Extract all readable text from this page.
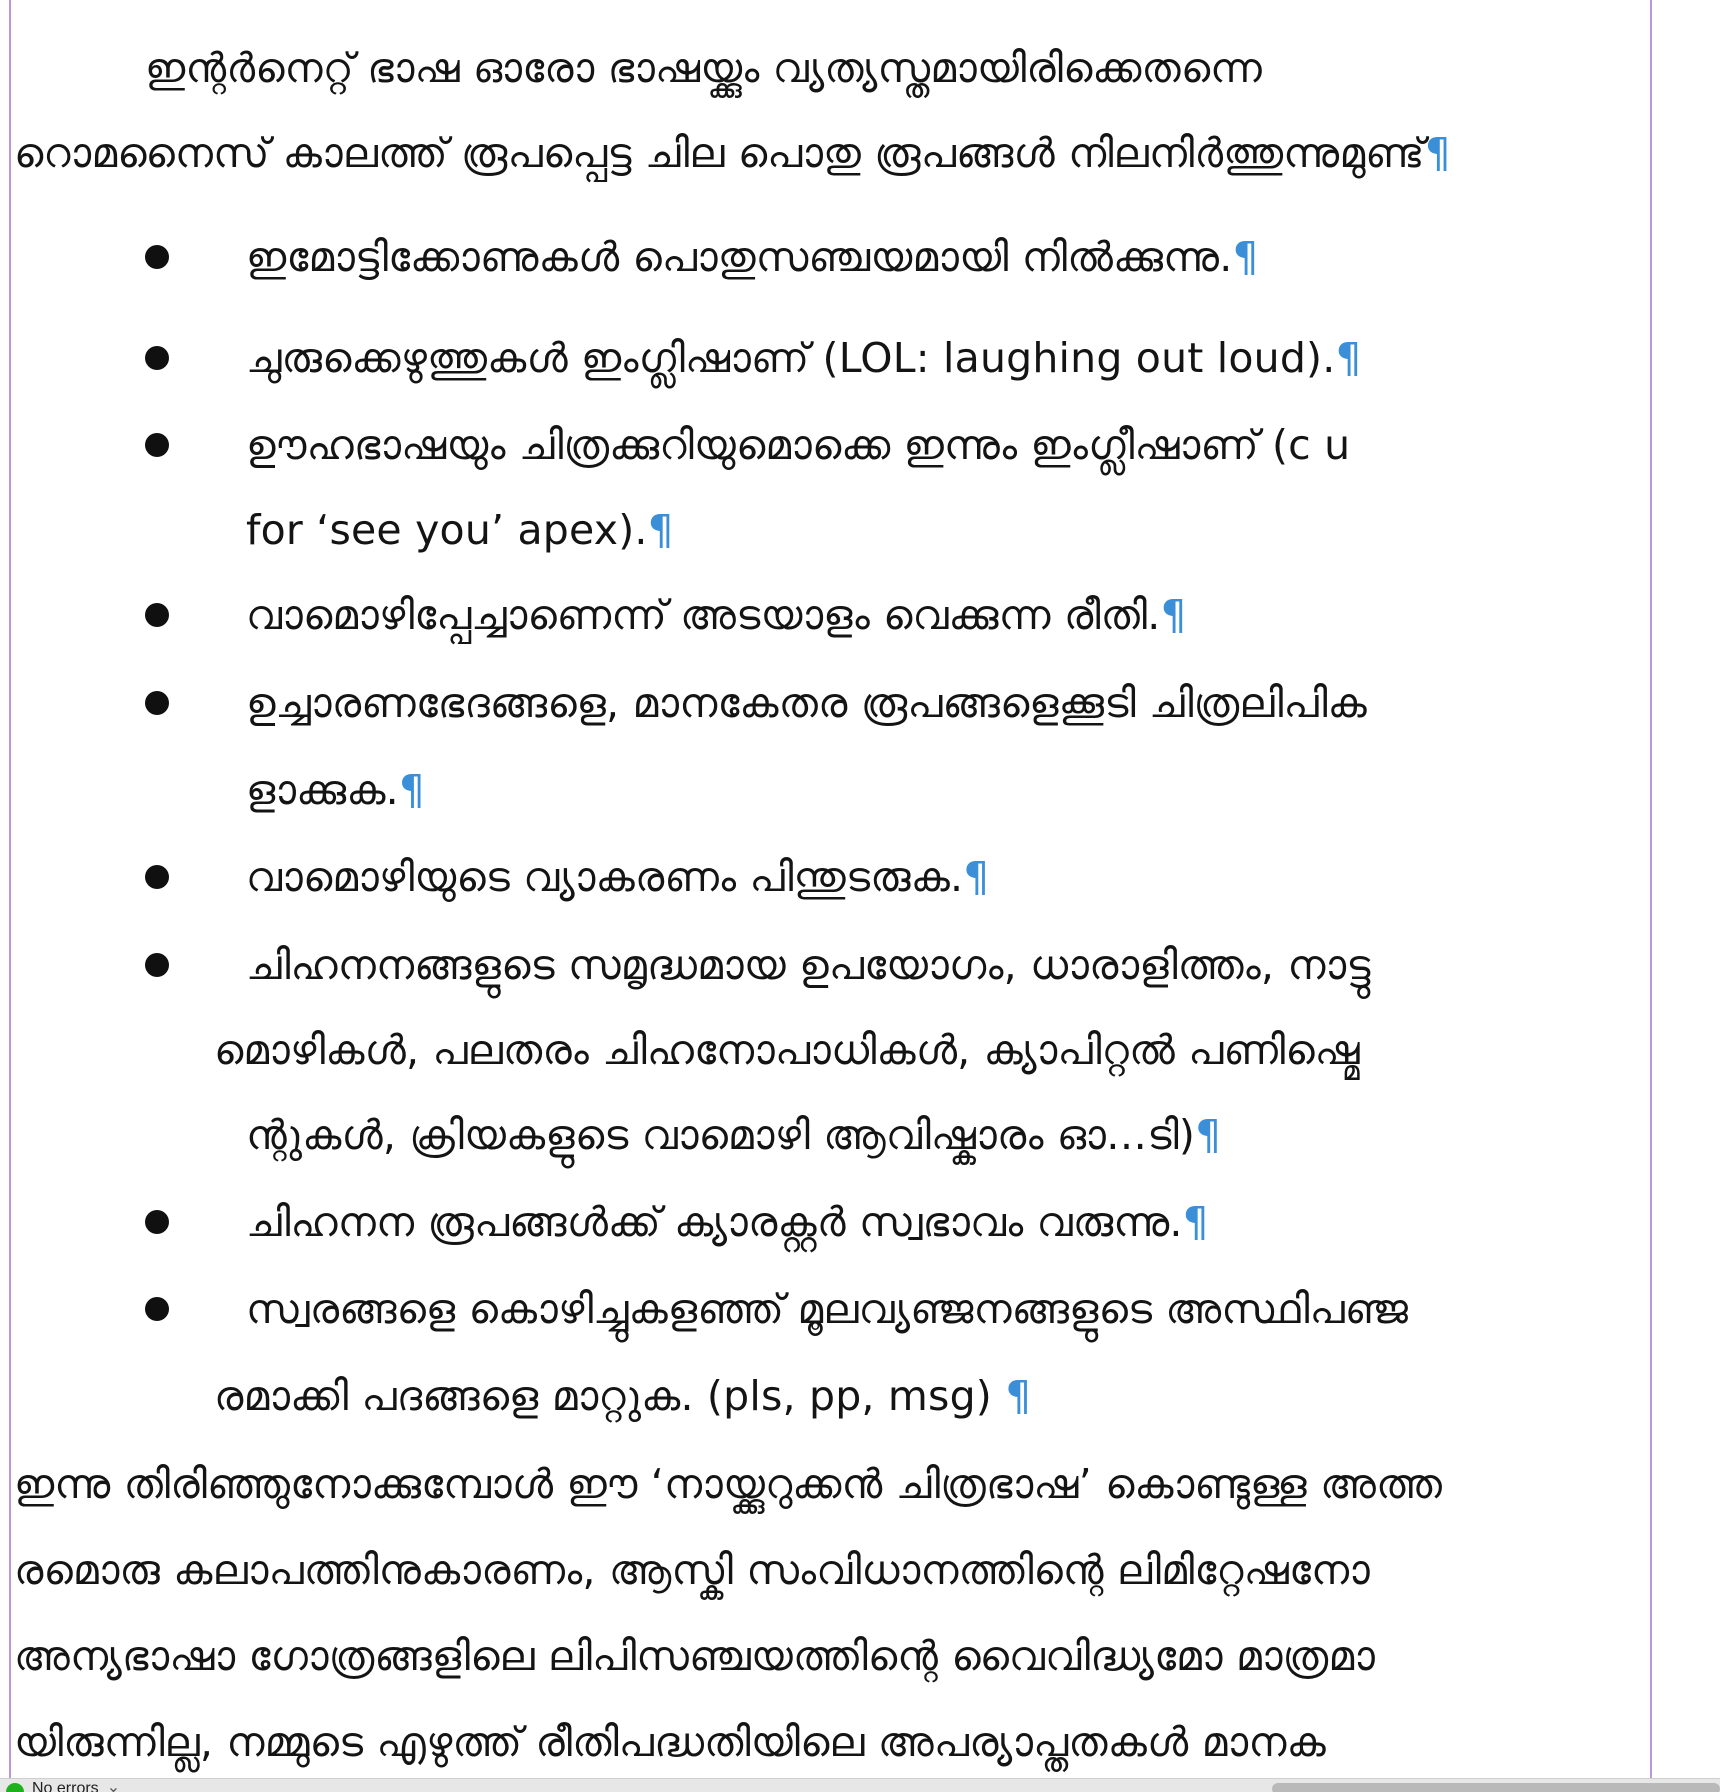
ഇന്റർനെറ്റ് ഭാഷ ഓരോ ഭാഷയ്ക്കും വ്യത്യസ്തമായിരിക്കെതന്നെ
റൊമനൈസ് കാലത്ത് രൂപപ്പെട്ട ചില പൊതു രൂപങ്ങൾ നിലനിർത്തുന്നുമുണ്ട്¶
ഇമോട്ടിക്കോണുകൾ പൊതുസഞ്ചയമായി നിൽക്കുന്നു.¶
ചുരുക്കെഴുത്തുകൾ ഇംഗ്ലിഷാണ് (LOL: laughing out loud).¶
ഊഹഭാഷയും ചിത്രക്കുറിയുമൊക്കെ ഇന്നും ഇംഗ്ലീഷാണ് (c u
for ‘see you’ apex).¶
വാമൊഴിപ്പേച്ചാണെന്ന് അടയാളം വെക്കുന്ന രീതി.¶
ഉച്ചാരണഭേദങ്ങളെ, മാനകേതര രൂപങ്ങളെക്കൂടി ചിത്രലിപിക
ളാക്കുക.¶
വാമൊഴിയുടെ വ്യാകരണം പിന്തുടരുക.¶
ചിഹനനങ്ങളുടെ സമൃദ്ധമായ ഉപയോഗം, ധാരാളിത്തം, നാട്ടു
മൊഴികൾ, പലതരം ചിഹനോപാധികൾ, ക്യാപിറ്റൽ പണിഷ്മെ
ന്റുകൾ, ക്രിയകളുടെ വാമൊഴി ആവിഷ്കാരം ഓ…ടി)¶
ചിഹനന രൂപങ്ങൾക്ക് ക്യാരക്റ്റർ സ്വഭാവം വരുന്നു.¶
സ്വരങ്ങളെ കൊഴിച്ചുകളഞ്ഞ് മൂലവ്യഞ്ജനങ്ങളുടെ അസ്ഥിപഞ്ജ
രമാക്കി പദങ്ങളെ മാറ്റുക. (pls, pp, msg) ¶
ഇന്നു തിരിഞ്ഞുനോക്കുമ്പോൾ ഈ ‘നായ്ക്കുറുക്കൻ ചിത്രഭാഷ’ കൊണ്ടുള്ള അത്ത
രമൊരു കലാപത്തിനുകാരണം, ആസ്കി സംവിധാനത്തിന്റെ ലിമിറ്റേഷനോ
അന്യഭാഷാ ഗോത്രങ്ങളിലെ ലിപിസഞ്ചയത്തിന്റെ വൈവിദ്ധ്യമോ മാത്രമാ
യിരുന്നില്ല, നമ്മുടെ എഴുത്ത് രീതിപദ്ധതിയിലെ അപര്യാപ്തതകൾ മാനക
No errors ⌄
